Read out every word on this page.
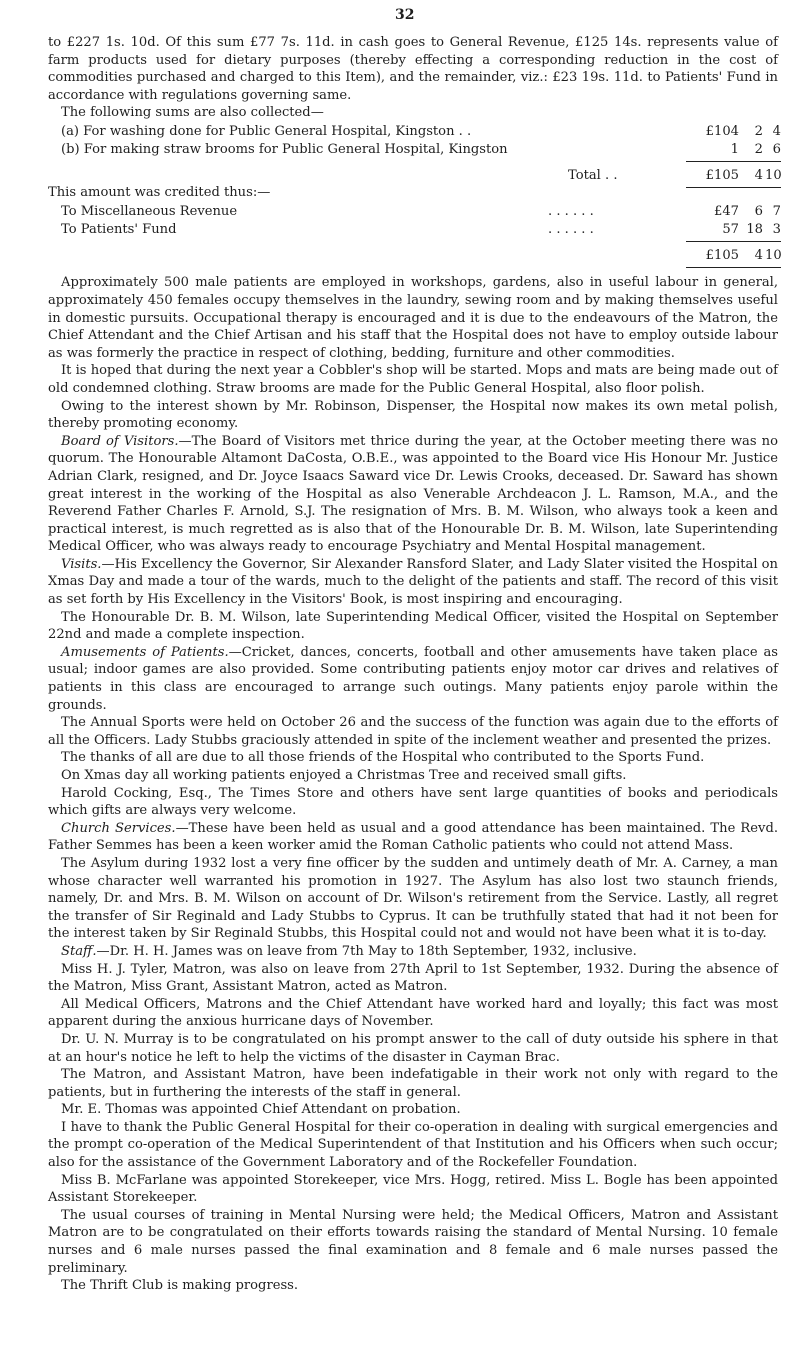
32

to £227 1s. 10d. Of this sum £77 7s. 11d. in cash goes to General Revenue, £125 14s. represents value of farm products used for dietary purposes (thereby effecting a corresponding reduction in the cost of commodities purchased and charged to this Item), and the remainder, viz.: £23 19s. 11d. to Patients' Fund in accordance with regulations governing same.

The following sums are also collected—
(a) For washing done for Public General Hospital, Kingston . .	£104	2 4
(b) For making straw brooms for Public General Hospital, Kingston	1	2 6
Total . .	£105	4 10
This amount was credited thus:—
To Miscellaneous Revenue	. . . . . .	£47	6 7
To Patients' Fund	. . . . . .	57 18 3
£105	4 10

Approximately 500 male patients are employed in workshops, gardens, also in useful labour in general, approximately 450 females occupy themselves in the laundry, sewing room and by making themselves useful in domestic pursuits. Occupational therapy is encouraged and it is due to the endeavours of the Matron, the Chief Attendant and the Chief Artisan and his staff that the Hospital does not have to employ outside labour as was formerly the practice in respect of clothing, bedding, furniture and other commodities.

It is hoped that during the next year a Cobbler's shop will be started. Mops and mats are being made out of old condemned clothing. Straw brooms are made for the Public General Hospital, also floor polish.

Owing to the interest shown by Mr. Robinson, Dispenser, the Hospital now makes its own metal polish, thereby promoting economy.

Board of Visitors.—The Board of Visitors met thrice during the year, at the October meeting there was no quorum. The Honourable Altamont DaCosta, O.B.E., was appointed to the Board vice His Honour Mr. Justice Adrian Clark, resigned, and Dr. Joyce Isaacs Saward vice Dr. Lewis Crooks, deceased. Dr. Saward has shown great interest in the working of the Hospital as also Venerable Archdeacon J. L. Ramson, M.A., and the Reverend Father Charles F. Arnold, S.J. The resignation of Mrs. B. M. Wilson, who always took a keen and practical interest, is much regretted as is also that of the Honourable Dr. B. M. Wilson, late Superintending Medical Officer, who was always ready to encourage Psychiatry and Mental Hospital management.

Visits.—His Excellency the Governor, Sir Alexander Ransford Slater, and Lady Slater visited the Hospital on Xmas Day and made a tour of the wards, much to the delight of the patients and staff. The record of this visit as set forth by His Excellency in the Visitors' Book, is most inspiring and encouraging.

The Honourable Dr. B. M. Wilson, late Superintending Medical Officer, visited the Hospital on September 22nd and made a complete inspection.

Amusements of Patients.—Cricket, dances, concerts, football and other amusements have taken place as usual; indoor games are also provided. Some contributing patients enjoy motor car drives and relatives of patients in this class are encouraged to arrange such outings. Many patients enjoy parole within the grounds.

The Annual Sports were held on October 26 and the success of the function was again due to the efforts of all the Officers. Lady Stubbs graciously attended in spite of the inclement weather and presented the prizes.

The thanks of all are due to all those friends of the Hospital who contributed to the Sports Fund.

On Xmas day all working patients enjoyed a Christmas Tree and received small gifts.

Harold Cocking, Esq., The Times Store and others have sent large quantities of books and periodicals which gifts are always very welcome.

Church Services.—These have been held as usual and a good attendance has been maintained. The Revd. Father Semmes has been a keen worker amid the Roman Catholic patients who could not attend Mass.

The Asylum during 1932 lost a very fine officer by the sudden and untimely death of Mr. A. Carney, a man whose character well warranted his promotion in 1927. The Asylum has also lost two staunch friends, namely, Dr. and Mrs. B. M. Wilson on account of Dr. Wilson's retirement from the Service. Lastly, all regret the transfer of Sir Reginald and Lady Stubbs to Cyprus. It can be truthfully stated that had it not been for the interest taken by Sir Reginald Stubbs, this Hospital could not and would not have been what it is to-day.

Staff.—Dr. H. H. James was on leave from 7th May to 18th September, 1932, inclusive.

Miss H. J. Tyler, Matron, was also on leave from 27th April to 1st September, 1932. During the absence of the Matron, Miss Grant, Assistant Matron, acted as Matron.

All Medical Officers, Matrons and the Chief Attendant have worked hard and loyally; this fact was most apparent during the anxious hurricane days of November.

Dr. U. N. Murray is to be congratulated on his prompt answer to the call of duty outside his sphere in that at an hour's notice he left to help the victims of the disaster in Cayman Brac.

The Matron, and Assistant Matron, have been indefatigable in their work not only with regard to the patients, but in furthering the interests of the staff in general.

Mr. E. Thomas was appointed Chief Attendant on probation.

I have to thank the Public General Hospital for their co-operation in dealing with surgical emergencies and the prompt co-operation of the Medical Superintendent of that Institution and his Officers when such occur; also for the assistance of the Government Laboratory and of the Rockefeller Foundation.

Miss B. McFarlane was appointed Storekeeper, vice Mrs. Hogg, retired. Miss L. Bogle has been appointed Assistant Storekeeper.

The usual courses of training in Mental Nursing were held; the Medical Officers, Matron and Assistant Matron are to be congratulated on their efforts towards raising the standard of Mental Nursing. 10 female nurses and 6 male nurses passed the final examination and 8 female and 6 male nurses passed the preliminary.

The Thrift Club is making progress.
